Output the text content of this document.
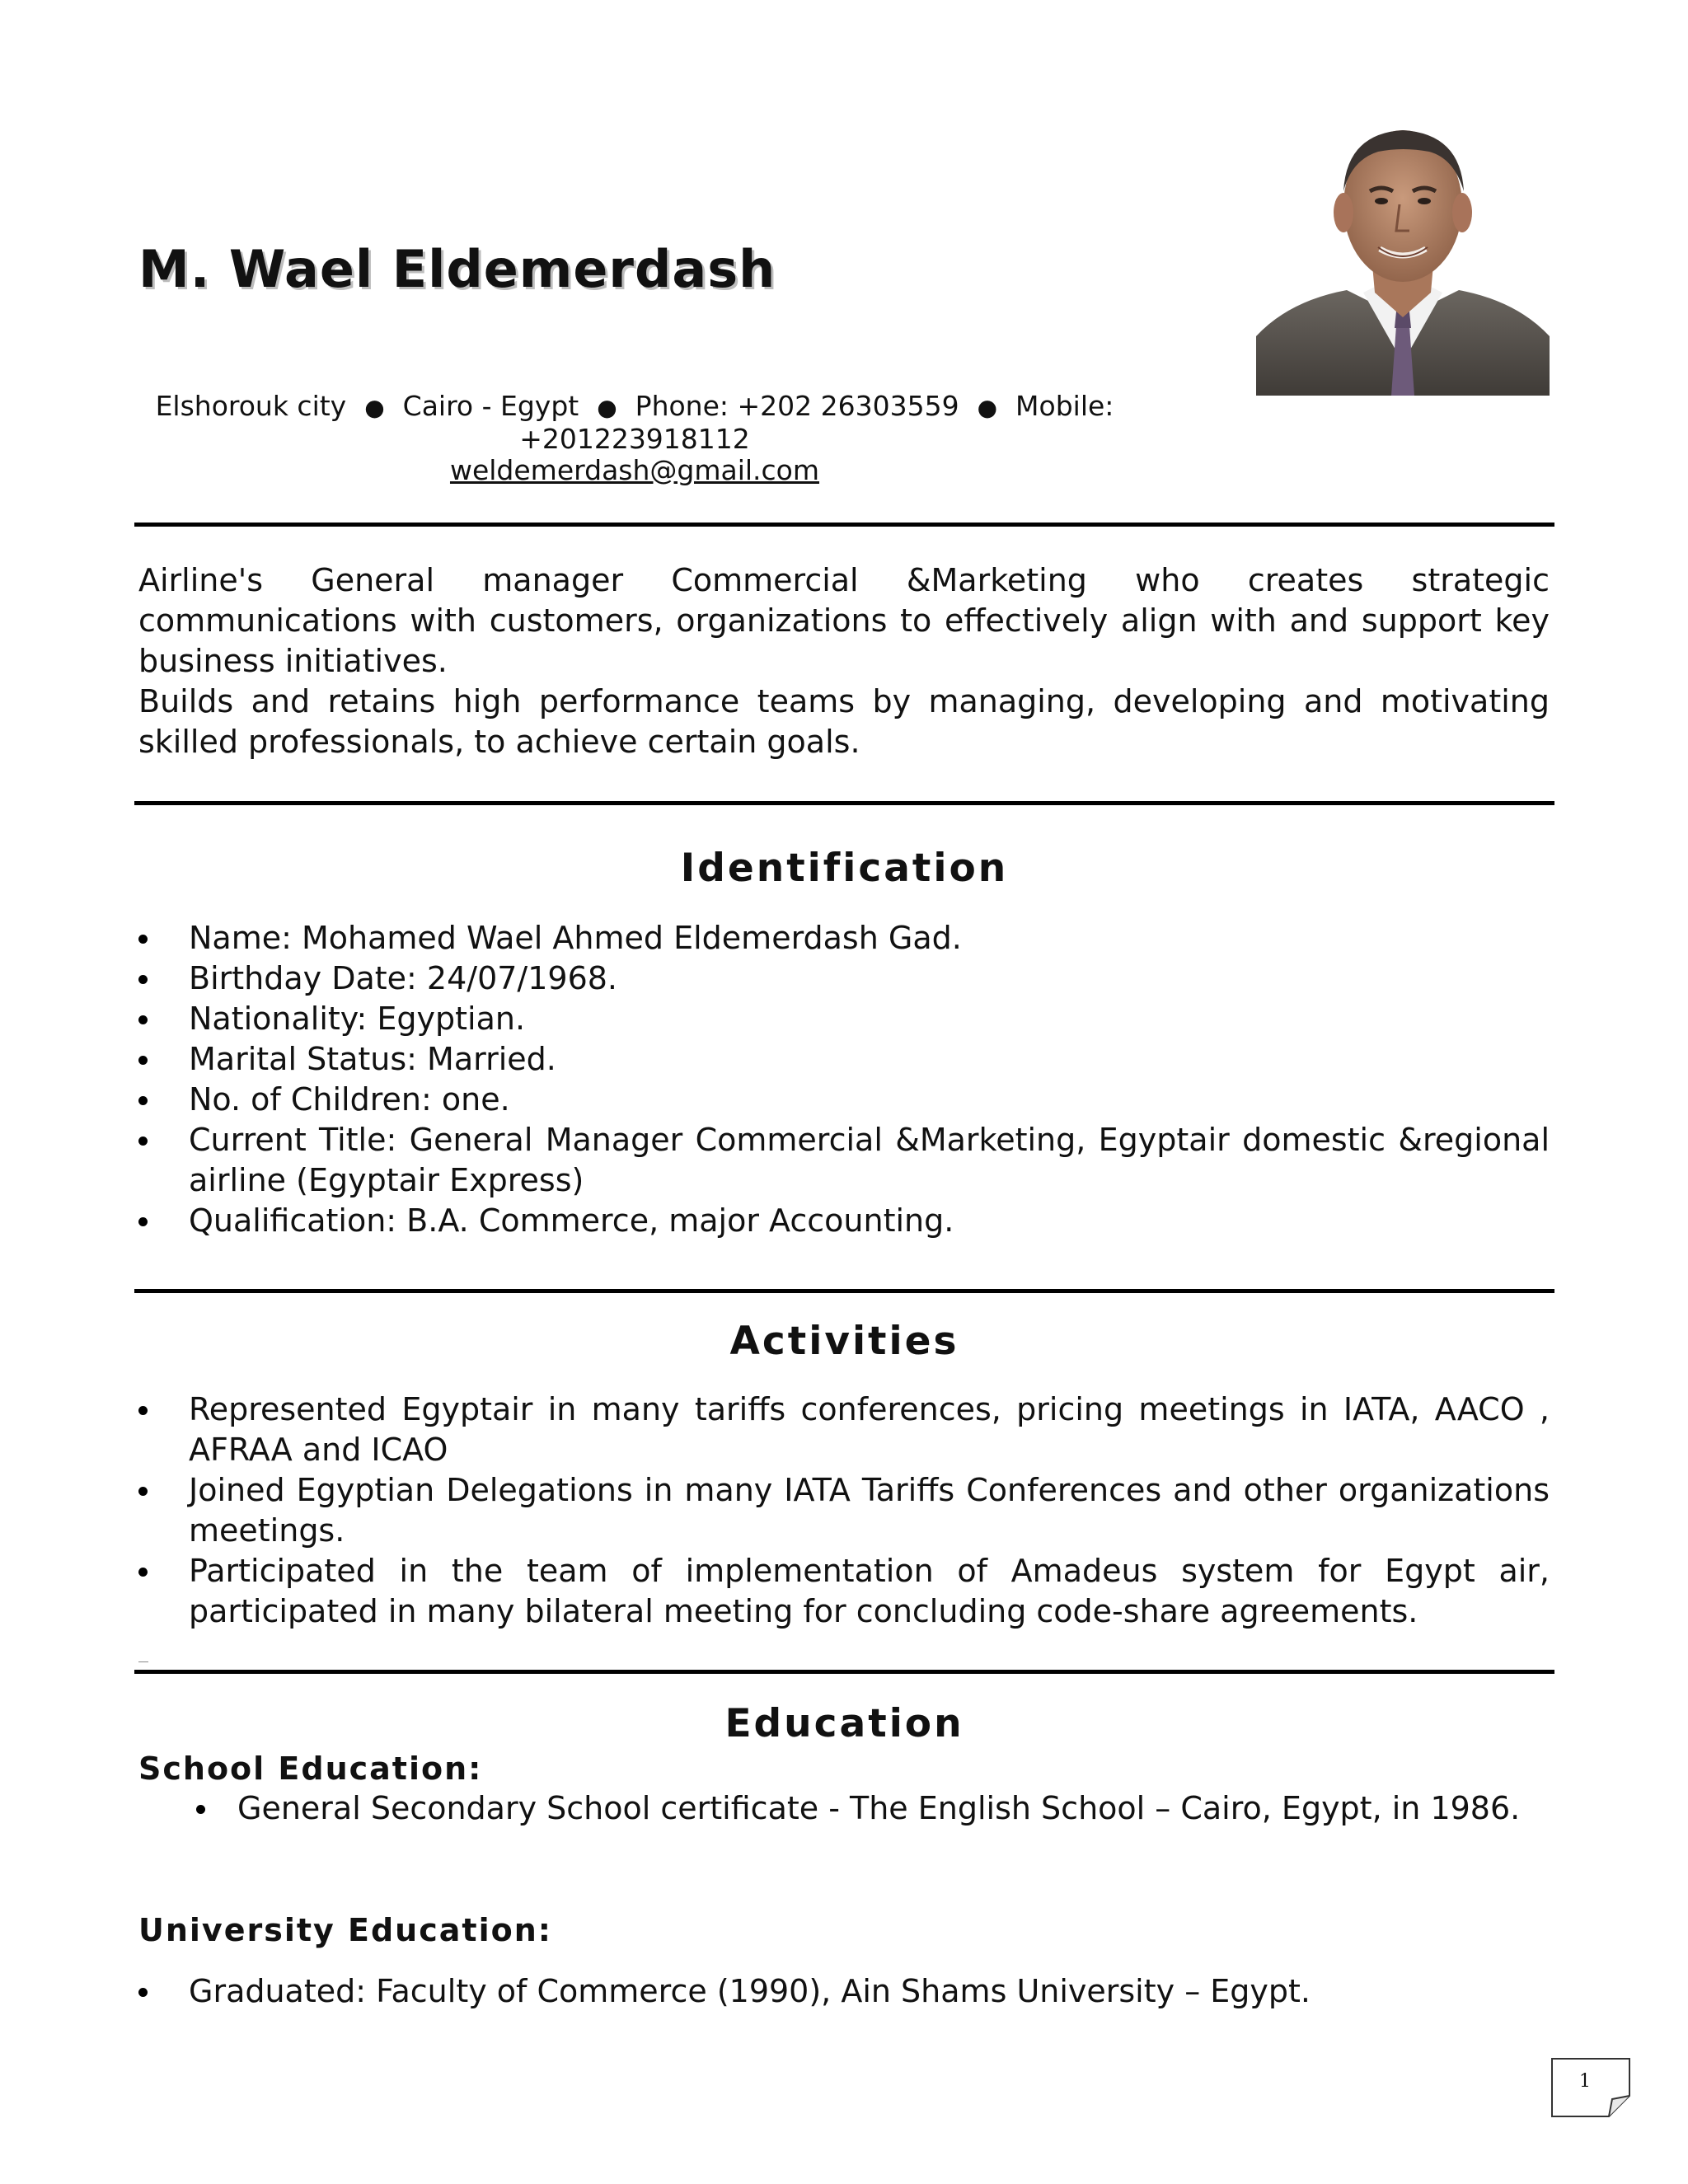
M. Wael Eldemerdash
Elshorouk city ● Cairo - Egypt ● Phone: +202 26303559 ● Mobile:
+201223918112
weldemerdash@gmail.com

Airline's General manager Commercial &Marketing who creates strategic communications with customers, organizations to effectively align with and support key business initiatives.

Builds and retains high performance teams by managing, developing and motivating skilled professionals, to achieve certain goals.

Identification
Name: Mohamed Wael Ahmed Eldemerdash Gad.
Birthday Date: 24/07/1968.
Nationality: Egyptian.
Marital Status: Married.
No. of Children: one.
Current Title: General Manager Commercial &Marketing, Egyptair domestic &regional airline (Egyptair Express)
Qualification: B.A. Commerce, major Accounting.
Activities
Represented Egyptair in many tariffs conferences, pricing meetings in IATA, AACO , AFRAA and ICAO
Joined Egyptian Delegations in many IATA Tariffs Conferences and other organizations meetings.
Participated in the team of implementation of Amadeus system for Egypt air, participated in many bilateral meeting for concluding code-share agreements.
Education
School Education:
General Secondary School certificate - The English School – Cairo, Egypt, in 1986.
University Education:
Graduated: Faculty of Commerce (1990), Ain Shams University – Egypt.
1
